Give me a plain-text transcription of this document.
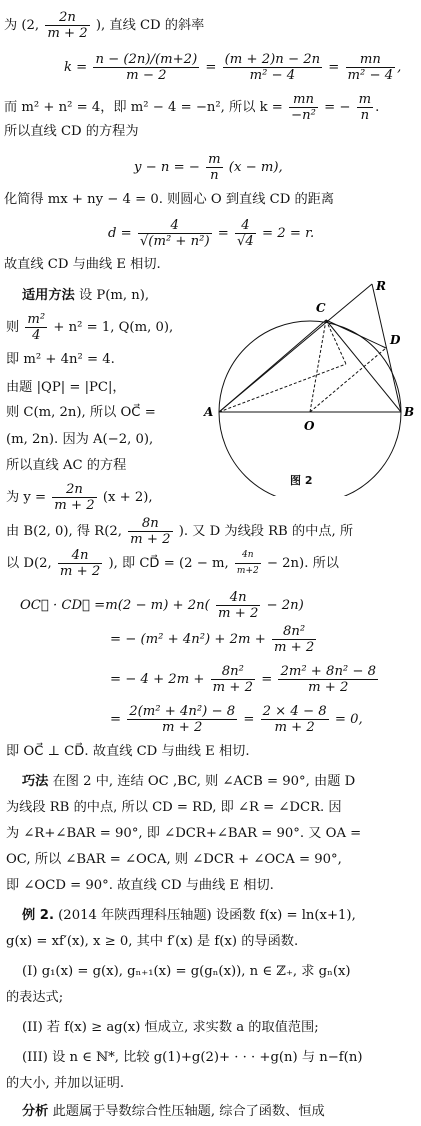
为 (2, $\frac{2n}{m + 2}$ ), 直线 CD 的斜率
$k = \frac{n - (2n)/(m+2)}{m - 2} = \frac{(m + 2)n - 2n}{\text{m² − 4}} = \frac{mn}{\text{m² − 4}}$ ,
而 m² + n² = 4，即 m² − 4 = −n², 所以 $k = \frac{mn}{\text{−n²}}$ = − $\frac{m}{n}$ .
所以直线 CD 的方程为
y − n = − $\frac{m}{n} (x - m)$,
化简得 mx + ny − 4 = 0. 则圆心 O 到直线 CD 的距离
$d = \frac{4}{\text{√(m² + n²)}} = \frac{4}{√4} = 2 = r$.
故直线 CD 与曲线 E 相切.
适用方法 设 P(m, n),
则 $\frac{\text{m²}}{4} + n^2 = 1$, Q(m, 0),
即 m² + 4n² = 4.
由题 |QP| = |PC|，
则 C(m, 2n), 所以 OC⃗ =
(m, 2n). 因为 A(−2, 0),
所以直线 AC 的方程
为 $y = \frac{2n}{m + 2} (x + 2)$,
A	B
C
D
O
R
图 2
由 B(2, 0), 得 R(2, $\frac{8n}{m + 2}$ ). 又 D 为线段 RB 的中点, 所
以 D(2, $\frac{4n}{m + 2}$ ), 即 CD⃗ = (2 − m, $\frac{4n}{m+2} - 2n$). 所以
OC⃗ · CD⃗ $=m(2 - m) + 2n( \frac{4n}{m + 2} - 2n)$
= − $(m^2 + 4n^2) + 2m + \frac{\text{8n²}}{m + 2}$
= − $4 + 2m + \frac{\text{8n²}}{m + 2} = \frac{\text{2m² + 8n² − 8}}{m + 2}$
= $\frac{\text{2(m² + 4n²) − 8}}{m + 2} = \frac{2 \times 4 - 8}{m + 2} = 0$,
即 OC⃗ ⊥ CD⃗. 故直线 CD 与曲线 E 相切.
巧法 在图 2 中, 连结 OC ,BC, 则 ∠ACB = 90°, 由题 D
为线段 RB 的中点, 所以 CD = RD, 即 ∠R = ∠DCR. 因
为 ∠R+∠BAR = 90°, 即 ∠DCR+∠BAR = 90°. 又 OA =
OC, 所以 ∠BAR = ∠OCA, 则 ∠DCR + ∠OCA = 90°,
即 ∠OCD = 90°. 故直线 CD 与曲线 E 相切.
例 2. (2014 年陕西理科压轴题) 设函数 f(x) = ln(x+1),
g(x) = xf′(x), x ≥ 0, 其中 f′(x) 是 f(x) 的导函数.
(I) g₁(x) = g(x), gₙ₊₁(x) = g(gₙ(x)), n ∈ ℤ₊, 求 gₙ(x)
的表达式;
(II) 若 f(x) ≥ ag(x) 恒成立, 求实数 a 的取值范围;
(III) 设 n ∈ ℕ*, 比较 g(1)+g(2)+ · · · +g(n) 与 n−f(n)
的大小, 并加以证明.
分析 此题属于导数综合性压轴题, 综合了函数、恒成
